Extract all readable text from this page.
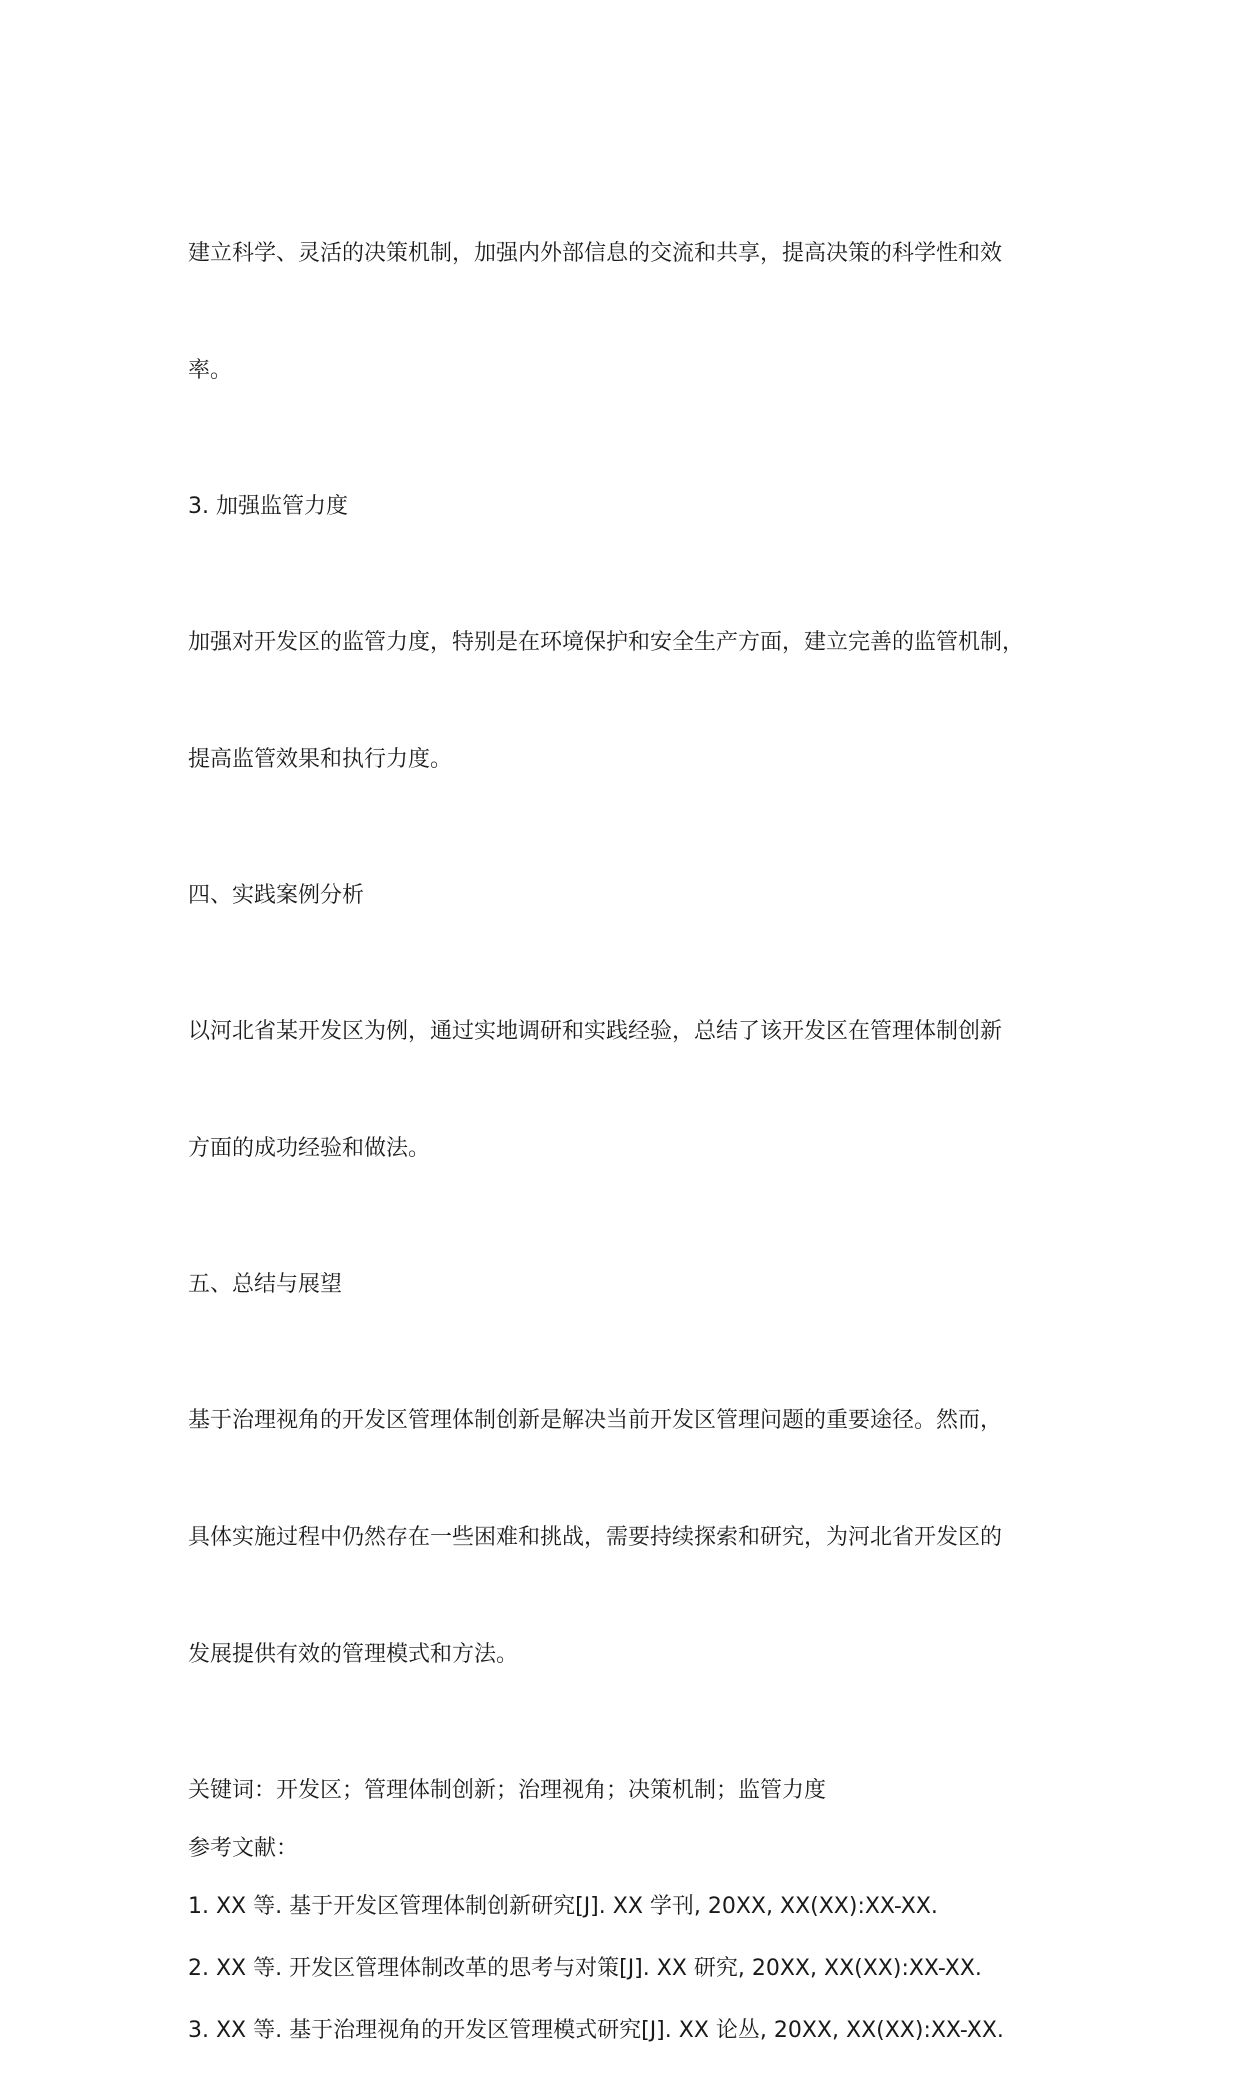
建立科学、灵活的决策机制，加强内外部信息的交流和共享，提高决策的科学性和效

率。

3. 加强监管力度

加强对开发区的监管力度，特别是在环境保护和安全生产方面，建立完善的监管机制，

提高监管效果和执行力度。

四、实践案例分析

以河北省某开发区为例，通过实地调研和实践经验，总结了该开发区在管理体制创新

方面的成功经验和做法。

五、总结与展望

基于治理视角的开发区管理体制创新是解决当前开发区管理问题的重要途径。然而，

具体实施过程中仍然存在一些困难和挑战，需要持续探索和研究，为河北省开发区的

发展提供有效的管理模式和方法。

关键词：开发区；管理体制创新；治理视角；决策机制；监管力度

参考文献：

1. XX 等. 基于开发区管理体制创新研究[J]. XX 学刊, 20XX, XX(XX):XX-XX.

2. XX 等. 开发区管理体制改革的思考与对策[J]. XX 研究, 20XX, XX(XX):XX-XX.

3. XX 等. 基于治理视角的开发区管理模式研究[J]. XX 论丛, 20XX, XX(XX):XX-XX.
